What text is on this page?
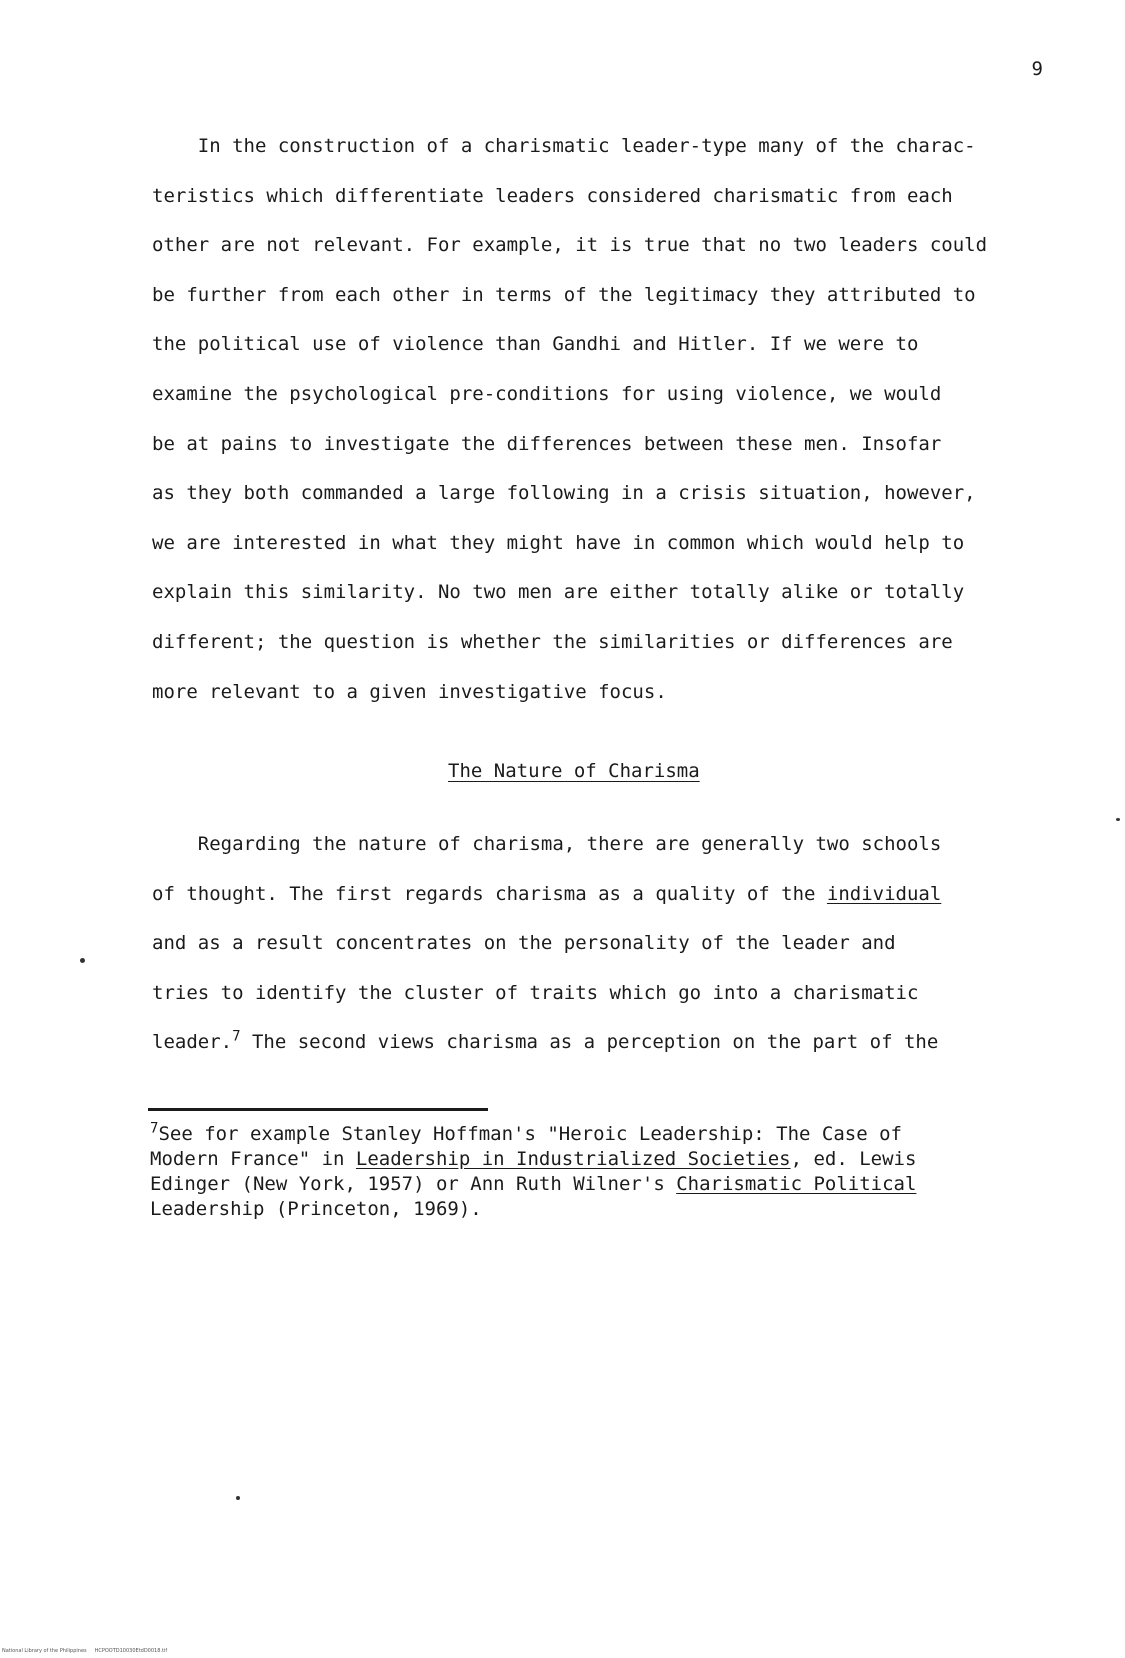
9
In the construction of a charismatic leader-type many of the charac-
teristics which differentiate leaders considered charismatic from each
other are not relevant. For example, it is true that no two leaders could
be further from each other in terms of the legitimacy they attributed to
the political use of violence than Gandhi and Hitler. If we were to
examine the psychological pre-conditions for using violence, we would
be at pains to investigate the differences between these men. Insofar
as they both commanded a large following in a crisis situation, however,
we are interested in what they might have in common which would help to
explain this similarity. No two men are either totally alike or totally
different; the question is whether the similarities or differences are
more relevant to a given investigative focus.
The Nature of Charisma
Regarding the nature of charisma, there are generally two schools
of thought. The first regards charisma as a quality of the individual
and as a result concentrates on the personality of the leader and
tries to identify the cluster of traits which go into a charismatic
leader.$^7$ The second views charisma as a perception on the part of the
$^7$See for example Stanley Hoffman's "Heroic Leadership: The Case of
Modern France" in Leadership in Industrialized Societies, ed. Lewis
Edinger (New York, 1957) or Ann Ruth Wilner's Charismatic Political
Leadership (Princeton, 1969).
National Library of the Philippines     HCPOOTD10030EtdD0018.tif
